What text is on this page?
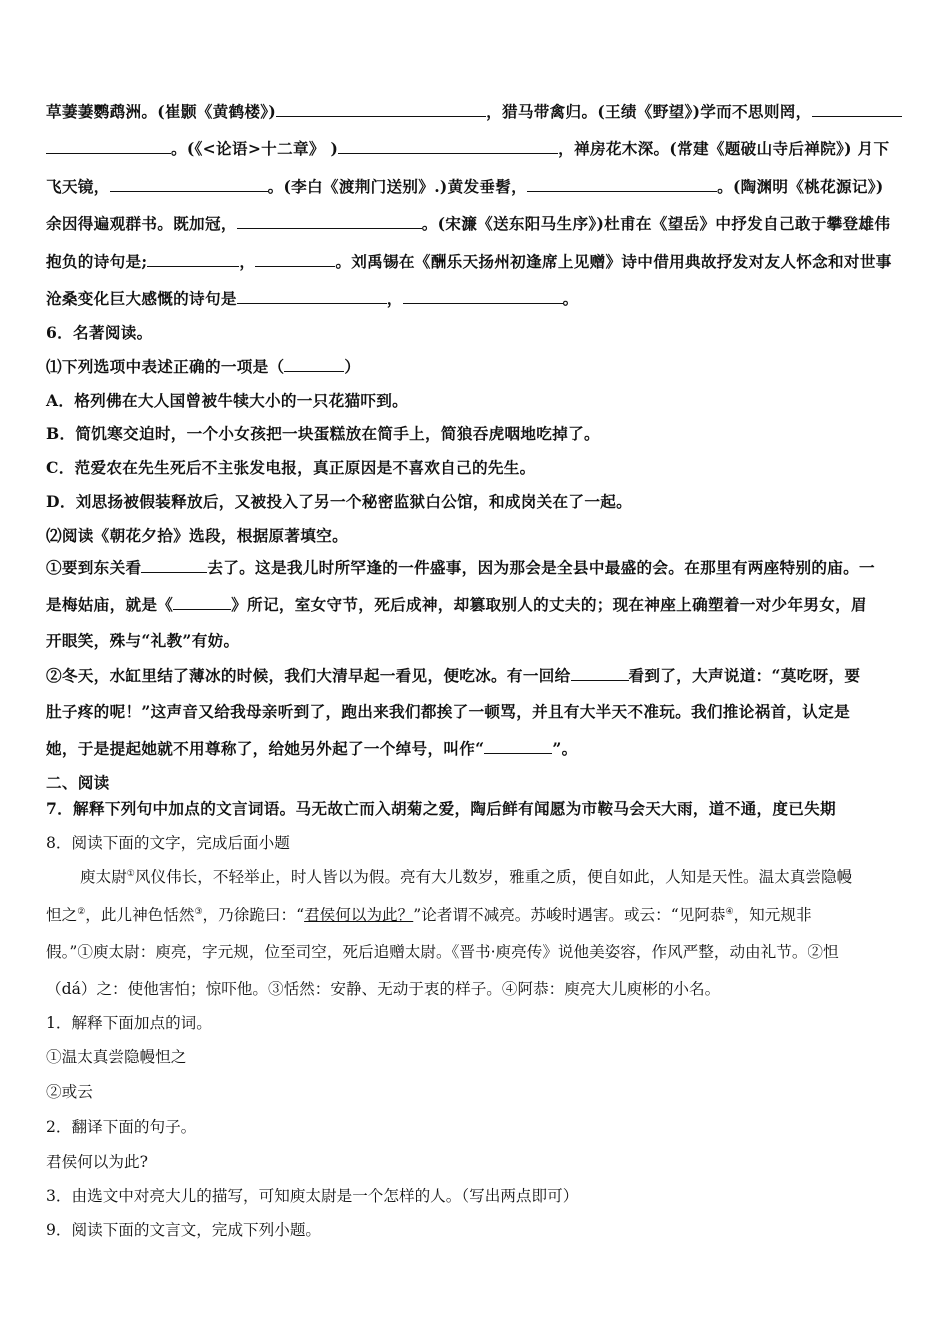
草萋萋鹦鹉洲。(崔颢《黄鹤楼》)	，猎马带禽归。(王绩《野望》)学而不思则罔，
。(《<论语>十二章》 )	，禅房花木深。(常建《题破山寺后禅院》) 月下
飞天镜，	。(李白《渡荆门送别》.)黄发垂髫，	。(陶渊明《桃花源记》)
余因得遍观群书。既加冠，	。(宋濂《送东阳马生序》)杜甫在《望岳》中抒发自己敢于攀登雄伟
抱负的诗句是;	，	。刘禹锡在《酬乐天扬州初逢席上见赠》诗中借用典故抒发对友人怀念和对世事
沧桑变化巨大感慨的诗句是	，	。
6．名著阅读。
⑴下列选项中表述正确的一项是（	）
A．格列佛在大人国曾被牛犊大小的一只花猫吓到。
B．简饥寒交迫时，一个小女孩把一块蛋糕放在简手上，简狼吞虎咽地吃掉了。
C．范爱农在先生死后不主张发电报，真正原因是不喜欢自己的先生。
D．刘思扬被假装释放后，又被投入了另一个秘密监狱白公馆，和成岗关在了一起。
⑵阅读《朝花夕拾》选段，根据原著填空。
①要到东关看	去了。这是我儿时所罕逢的一件盛事，因为那会是全县中最盛的会。在那里有两座特别的庙。一
是梅姑庙，就是《	》所记，室女守节，死后成神，却篡取别人的丈夫的；现在神座上确塑着一对少年男女，眉
开眼笑，殊与“礼教”有妨。
②冬天，水缸里结了薄冰的时候，我们大清早起一看见，便吃冰。有一回给	看到了，大声说道：“莫吃呀，要
肚子疼的呢！”这声音又给我母亲听到了，跑出来我们都挨了一顿骂，并且有大半天不准玩。我们推论祸首，认定是
她，于是提起她就不用尊称了，给她另外起了一个绰号，叫作“	”。
二、阅读
7．解释下列句中加点的文言词语。马无故亡而入胡菊之爱，陶后鲜有闻愿为市鞍马会天大雨，道不通，度已失期
8．阅读下面的文字，完成后面小题
庾太尉①风仪伟长，不轻举止，时人皆以为假。亮有大儿数岁，雅重之质，便自如此，人知是天性。温太真尝隐幔
怛之②，此儿神色恬然③，乃徐跪曰：“君侯何以为此？”论者谓不减亮。苏峻时遇害。或云：“见阿恭④，知元规非
假。”①庾太尉：庾亮，字元规，位至司空，死后追赠太尉。《晋书·庾亮传》说他美姿容，作风严整，动由礼节。②怛
（dá）之：使他害怕；惊吓他。③恬然：安静、无动于衷的样子。④阿恭：庾亮大儿庾彬的小名。
1．解释下面加点的词。
①温太真尝隐幔怛之
②或云
2．翻译下面的句子。
君侯何以为此?
3．由选文中对亮大儿的描写，可知庾太尉是一个怎样的人。（写出两点即可）
9．阅读下面的文言文，完成下列小题。
